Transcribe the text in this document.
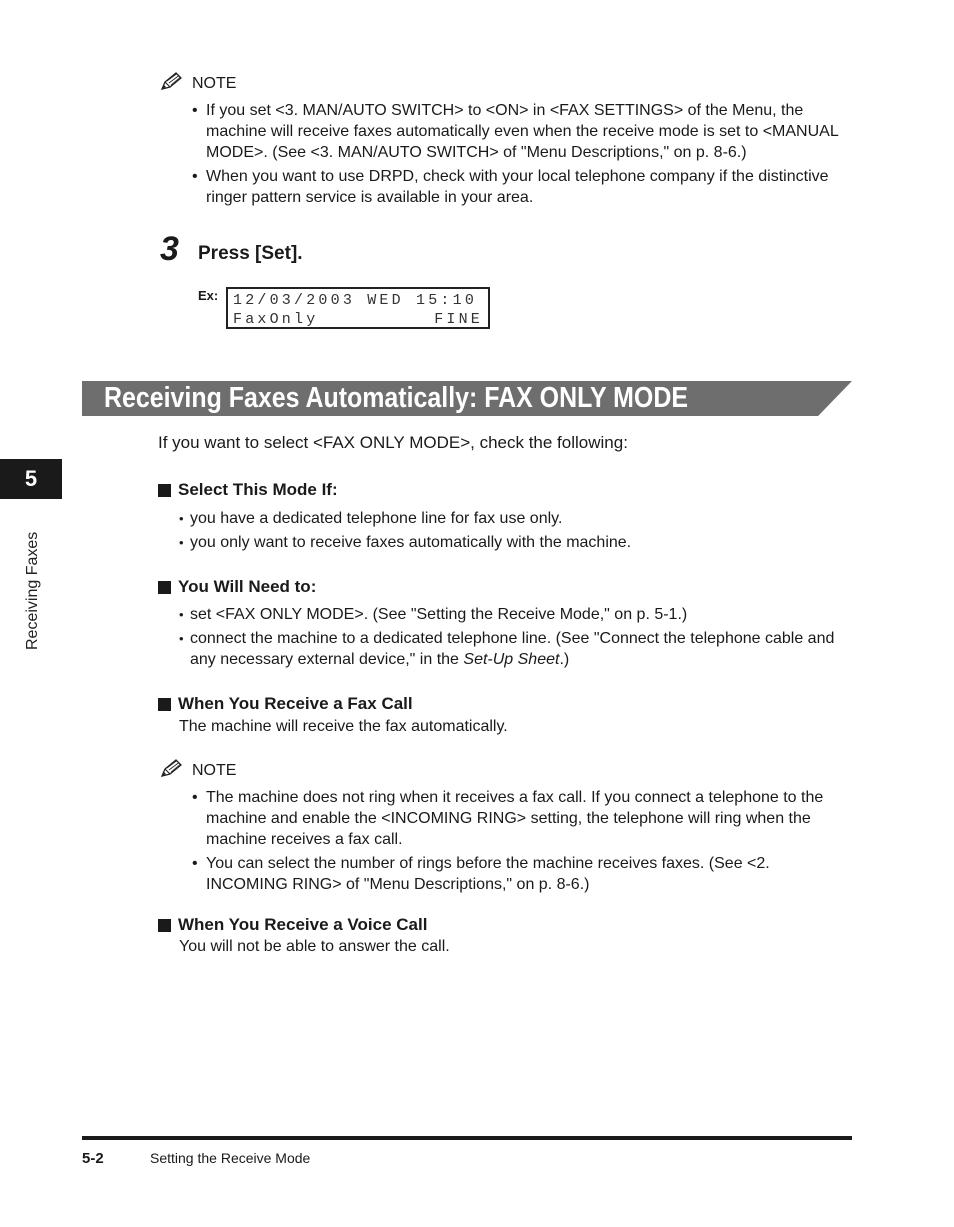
NOTE
• If you set <3. MAN/AUTO SWITCH> to <ON> in <FAX SETTINGS> of the Menu, the machine will receive faxes automatically even when the receive mode is set to <MANUAL MODE>. (See <3. MAN/AUTO SWITCH> of "Menu Descriptions," on p. 8-6.)
• When you want to use DRPD, check with your local telephone company if the distinctive ringer pattern service is available in your area.
3 Press [Set].
Ex: 12/03/2003 WED 15:10
FaxOnly	FINE
Receiving Faxes Automatically: FAX ONLY MODE
5
Receiving Faxes
If you want to select <FAX ONLY MODE>, check the following:
Select This Mode If:
• you have a dedicated telephone line for fax use only.
• you only want to receive faxes automatically with the machine.
You Will Need to:
• set <FAX ONLY MODE>. (See "Setting the Receive Mode," on p. 5-1.)
• connect the machine to a dedicated telephone line. (See "Connect the telephone cable and any necessary external device," in the Set-Up Sheet.)
When You Receive a Fax Call
The machine will receive the fax automatically.
NOTE
• The machine does not ring when it receives a fax call. If you connect a telephone to the machine and enable the <INCOMING RING> setting, the telephone will ring when the machine receives a fax call.
• You can select the number of rings before the machine receives faxes. (See <2. INCOMING RING> of "Menu Descriptions," on p. 8-6.)
When You Receive a Voice Call
You will not be able to answer the call.
5-2	Setting the Receive Mode
